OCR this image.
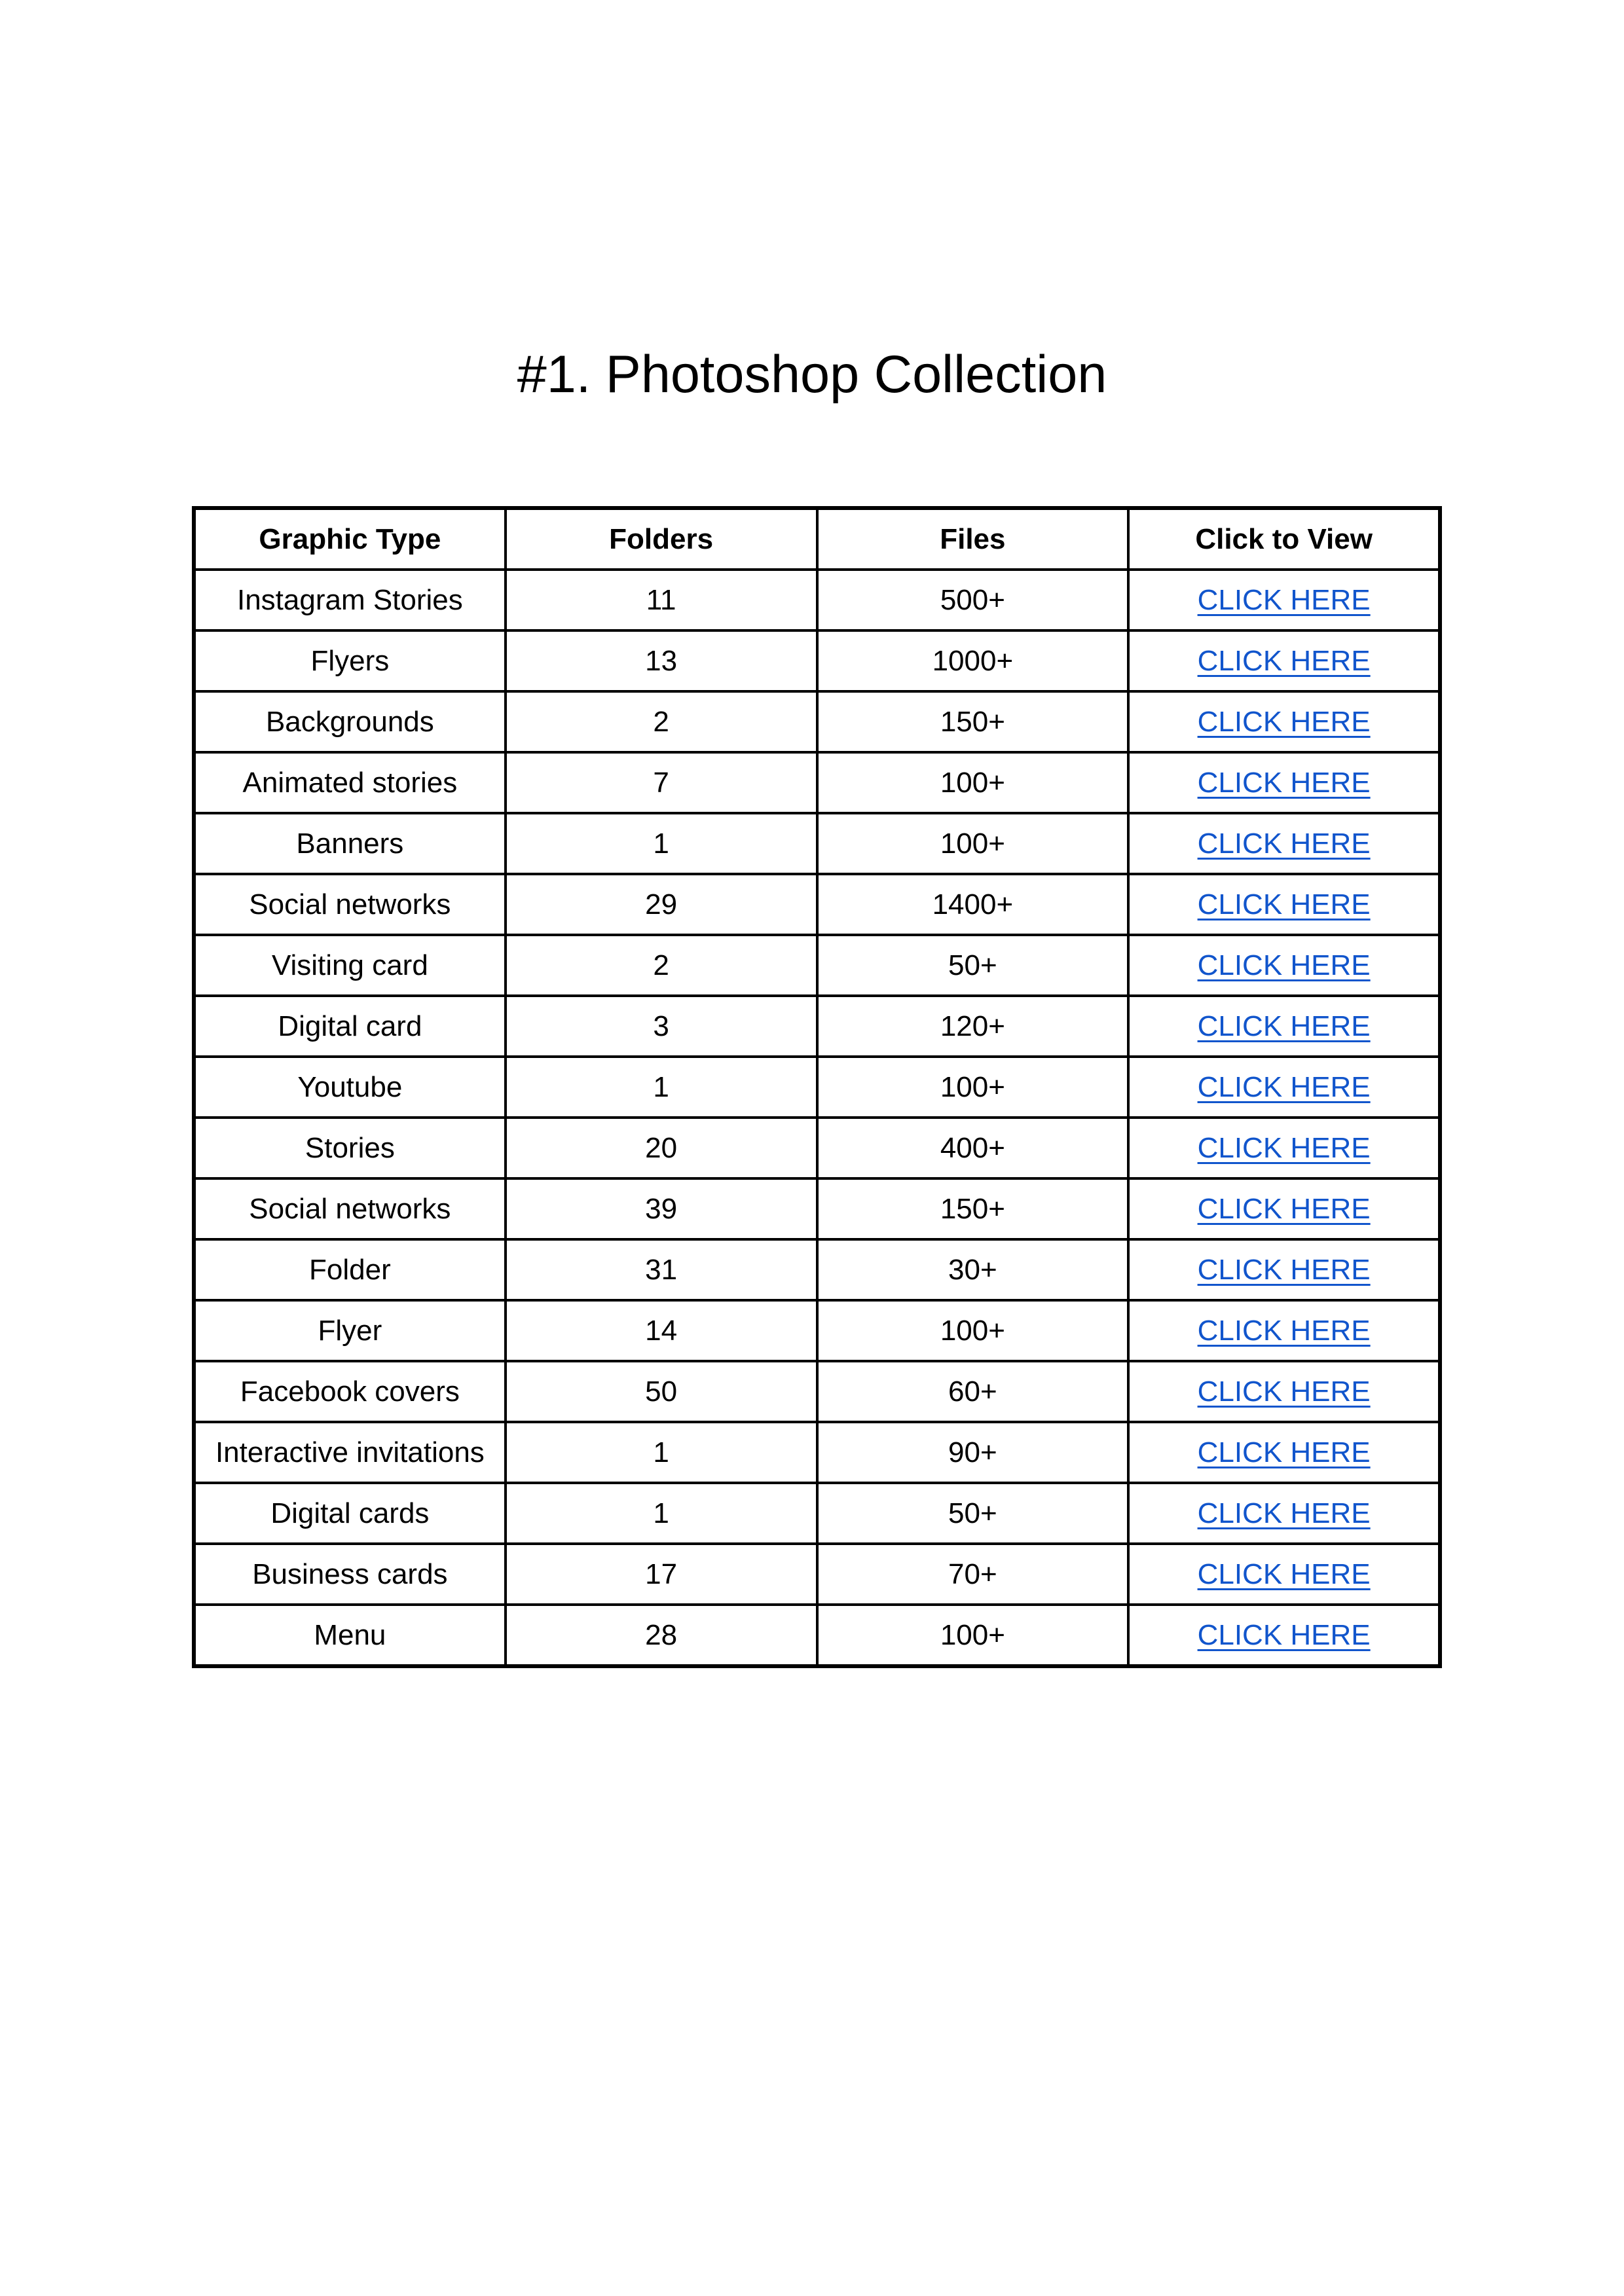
#1. Photoshop Collection
Graphic Type	Folders	Files	Click to View
Instagram Stories	11	500+	CLICK HERE
Flyers	13	1000+	CLICK HERE
Backgrounds	2	150+	CLICK HERE
Animated stories	7	100+	CLICK HERE
Banners	1	100+	CLICK HERE
Social networks	29	1400+	CLICK HERE
Visiting card	2	50+	CLICK HERE
Digital card	3	120+	CLICK HERE
Youtube	1	100+	CLICK HERE
Stories	20	400+	CLICK HERE
Social networks	39	150+	CLICK HERE
Folder	31	30+	CLICK HERE
Flyer	14	100+	CLICK HERE
Facebook covers	50	60+	CLICK HERE
Interactive invitations	1	90+	CLICK HERE
Digital cards	1	50+	CLICK HERE
Business cards	17	70+	CLICK HERE
Menu	28	100+	CLICK HERE
